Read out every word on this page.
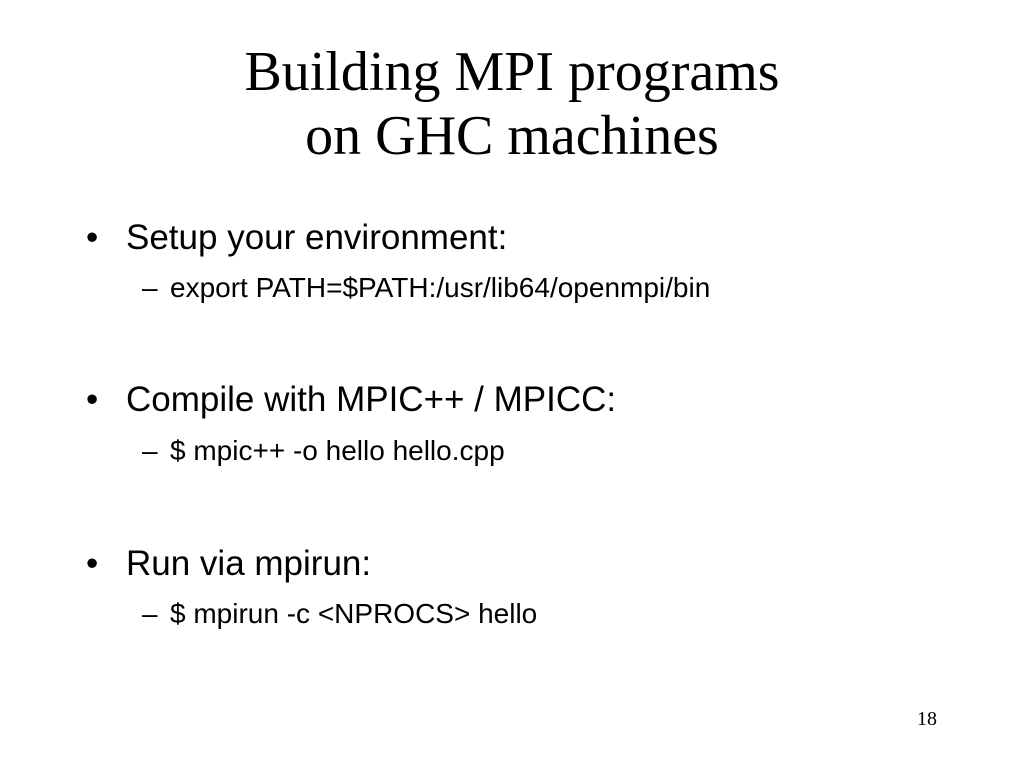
Building MPI programs
on GHC machines
• Setup your environment:
– export PATH=$PATH:/usr/lib64/openmpi/bin
• Compile with MPIC++ / MPICC:
– $ mpic++ -o hello hello.cpp
• Run via mpirun:
– $ mpirun -c <NPROCS> hello
18
